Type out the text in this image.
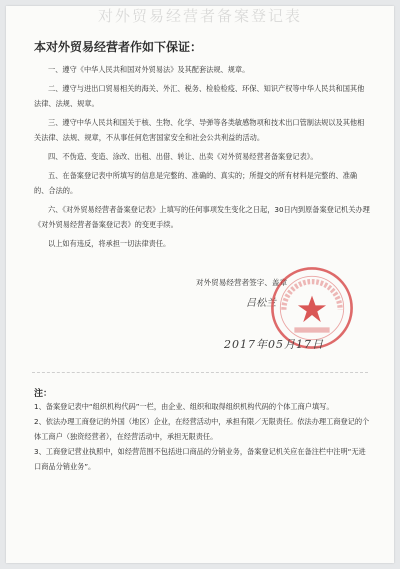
对外贸易经营者备案登记表
本对外贸易经营者作如下保证：

一、遵守《中华人民共和国对外贸易法》及其配套法规、规章。

二、遵守与进出口贸易相关的海关、外汇、税务、检验检疫、环保、知识产权等中华人民共和国其他法律、法规、规章。

三、遵守中华人民共和国关于核、生物、化学、导弹等各类敏感物项和技术出口管制法规以及其他相关法律、法规、规章，不从事任何危害国家安全和社会公共利益的活动。

四、不伪造、变造、涂改、出租、出借、转让、出卖《对外贸易经营者备案登记表》。

五、在备案登记表中所填写的信息是完整的、准确的、真实的；所提交的所有材料是完整的、准确的、合法的。

六、《对外贸易经营者备案登记表》上填写的任何事项发生变化之日起，30日内到原备案登记机关办理《对外贸易经营者备案登记表》的变更手续。

以上如有违反，将承担一切法律责任。

对外贸易经营者签字、盖章
吕松兰
2017年05月17日
注：

1、备案登记表中“组织机构代码”一栏，由企业、组织和取得组织机构代码的个体工商户填写。

2、依法办理工商登记的外国（地区）企业，在经营活动中，承担有限／无限责任。依法办理工商登记的个体工商户（独资经营者），在经营活动中，承担无限责任。

3、工商登记营业执照中，如经营范围不包括进口商品的分销业务，备案登记机关应在备注栏中注明“无进口商品分销业务”。
